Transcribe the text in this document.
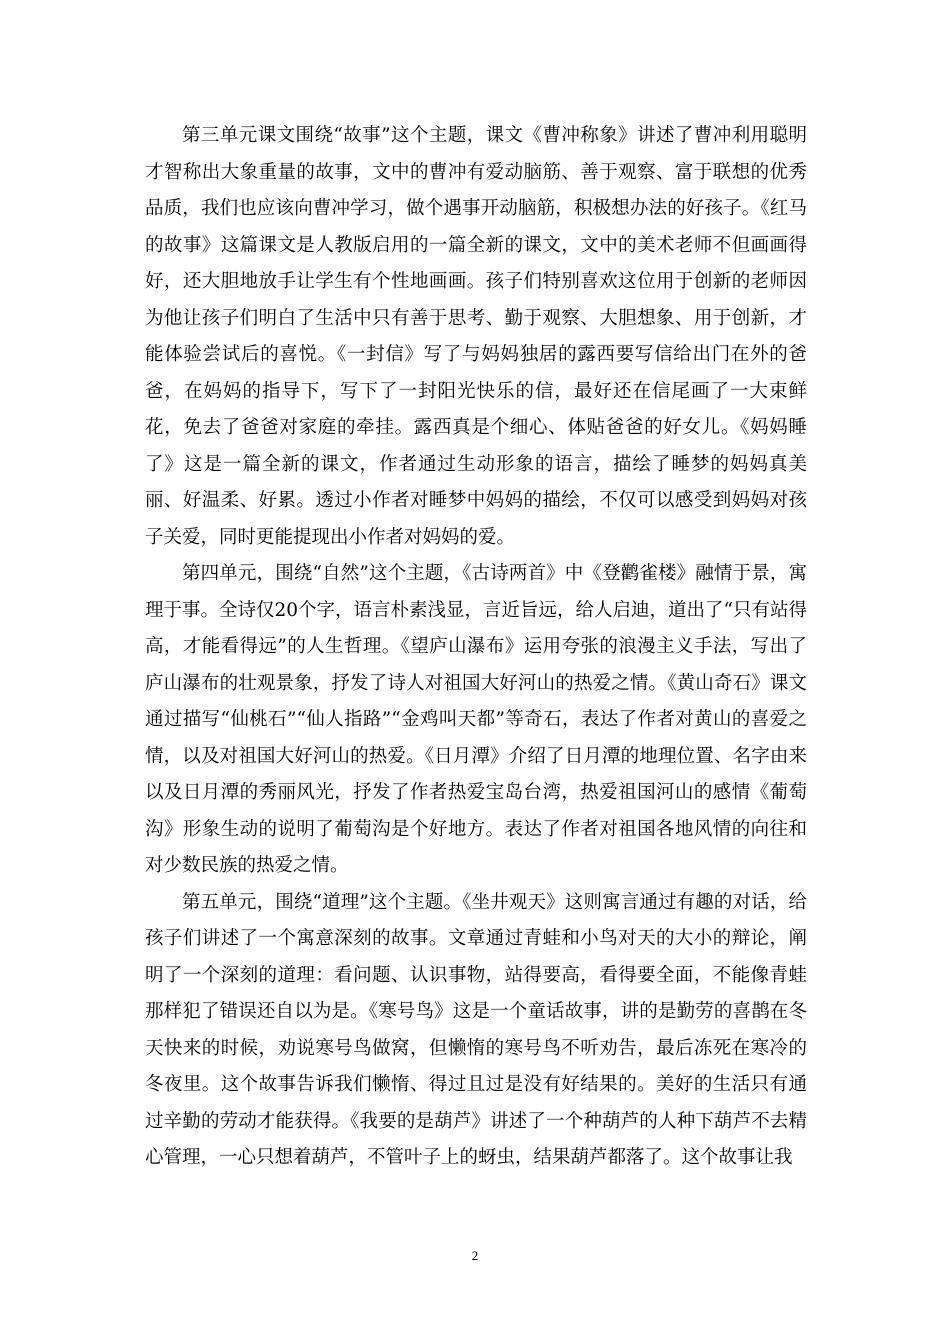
第三单元课文围绕“故事”这个主题，课文《曹冲称象》讲述了曹冲利用聪明才智称出大象重量的故事，文中的曹冲有爱动脑筋、善于观察、富于联想的优秀品质，我们也应该向曹冲学习，做个遇事开动脑筋，积极想办法的好孩子。《红马的故事》这篇课文是人教版启用的一篇全新的课文，文中的美术老师不但画画得好，还大胆地放手让学生有个性地画画。孩子们特别喜欢这位用于创新的老师因为他让孩子们明白了生活中只有善于思考、勤于观察、大胆想象、用于创新，才能体验尝试后的喜悦。《一封信》写了与妈妈独居的露西要写信给出门在外的爸爸，在妈妈的指导下，写下了一封阳光快乐的信，最好还在信尾画了一大束鲜花，免去了爸爸对家庭的牵挂。露西真是个细心、体贴爸爸的好女儿。《妈妈睡了》这是一篇全新的课文，作者通过生动形象的语言，描绘了睡梦的妈妈真美丽、好温柔、好累。透过小作者对睡梦中妈妈的描绘，不仅可以感受到妈妈对孩子关爱，同时更能提现出小作者对妈妈的爱。

第四单元，围绕“自然”这个主题，《古诗两首》中《登鹳雀楼》融情于景，寓理于事。全诗仅20个字，语言朴素浅显，言近旨远，给人启迪，道出了“只有站得高，才能看得远”的人生哲理。《望庐山瀑布》运用夸张的浪漫主义手法，写出了庐山瀑布的壮观景象，抒发了诗人对祖国大好河山的热爱之情。《黄山奇石》课文通过描写“仙桃石”“仙人指路”“金鸡叫天都”等奇石，表达了作者对黄山的喜爱之情，以及对祖国大好河山的热爱。《日月潭》介绍了日月潭的地理位置、名字由来以及日月潭的秀丽风光，抒发了作者热爱宝岛台湾，热爱祖国河山的感情《葡萄沟》形象生动的说明了葡萄沟是个好地方。表达了作者对祖国各地风情的向往和对少数民族的热爱之情。

第五单元，围绕“道理”这个主题。《坐井观天》这则寓言通过有趣的对话，给孩子们讲述了一个寓意深刻的故事。文章通过青蛙和小鸟对天的大小的辩论，阐明了一个深刻的道理：看问题、认识事物，站得要高，看得要全面，不能像青蛙那样犯了错误还自以为是。《寒号鸟》这是一个童话故事，讲的是勤劳的喜鹊在冬天快来的时候，劝说寒号鸟做窝，但懒惰的寒号鸟不听劝告，最后冻死在寒冷的冬夜里。这个故事告诉我们懒惰、得过且过是没有好结果的。美好的生活只有通过辛勤的劳动才能获得。《我要的是葫芦》讲述了一个种葫芦的人种下葫芦不去精心管理，一心只想着葫芦，不管叶子上的蚜虫，结果葫芦都落了。这个故事让我

2
